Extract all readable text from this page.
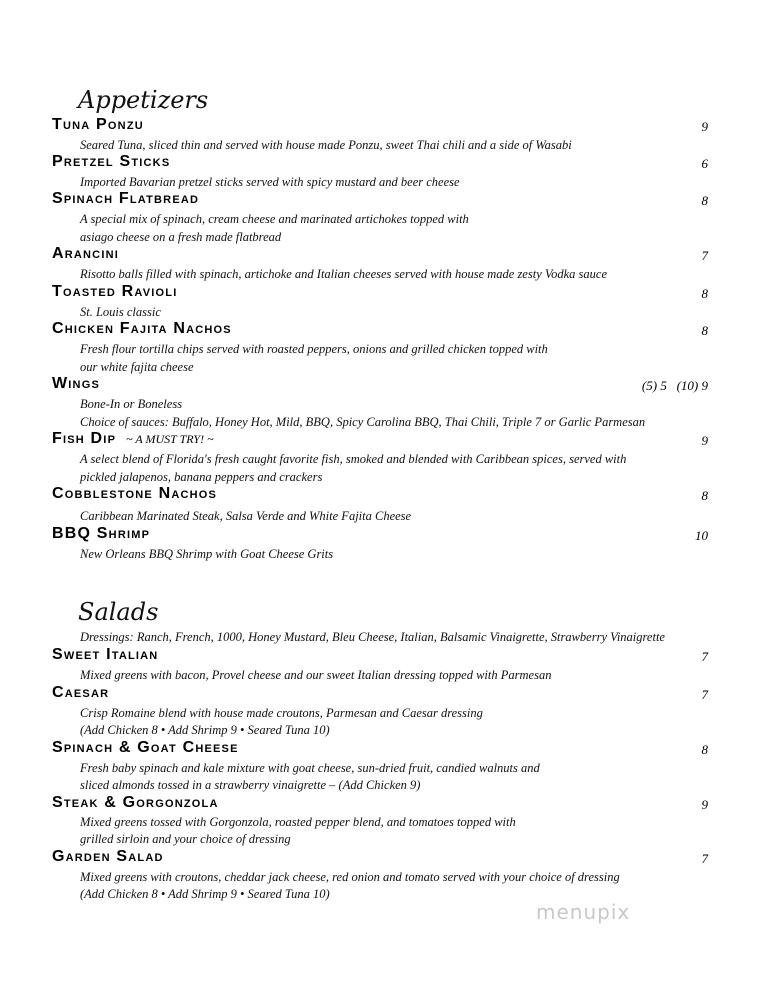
Appetizers
Tuna Ponzu	9
Seared Tuna, sliced thin and served with house made Ponzu, sweet Thai chili and a side of Wasabi
Pretzel Sticks	6
Imported Bavarian pretzel sticks served with spicy mustard and beer cheese
Spinach Flatbread	8
A special mix of spinach, cream cheese and marinated artichokes topped with
asiago cheese on a fresh made flatbread
Arancini	7
Risotto balls filled with spinach, artichoke and Italian cheeses served with house made zesty Vodka sauce
Toasted Ravioli	8
St. Louis classic
Chicken Fajita Nachos	8
Fresh flour tortilla chips served with roasted peppers, onions and grilled chicken topped with
our white fajita cheese
Wings	(5) 5   (10) 9
Bone-In or Boneless
Choice of sauces: Buffalo, Honey Hot, Mild, BBQ, Spicy Carolina BBQ, Thai Chili, Triple 7 or Garlic Parmesan
Fish Dip ~ A MUST TRY! ~	9
A select blend of Florida's fresh caught favorite fish, smoked and blended with Caribbean spices, served with
pickled jalapenos, banana peppers and crackers
Cobblestone Nachos	8
Caribbean Marinated Steak, Salsa Verde and White Fajita Cheese
BBQ Shrimp	10
New Orleans BBQ Shrimp with Goat Cheese Grits
Salads
Dressings: Ranch, French, 1000, Honey Mustard, Bleu Cheese, Italian, Balsamic Vinaigrette, Strawberry Vinaigrette
Sweet Italian	7
Mixed greens with bacon, Provel cheese and our sweet Italian dressing topped with Parmesan
Caesar	7
Crisp Romaine blend with house made croutons, Parmesan and Caesar dressing
(Add Chicken 8 • Add Shrimp 9 • Seared Tuna 10)
Spinach & Goat Cheese	8
Fresh baby spinach and kale mixture with goat cheese, sun-dried fruit, candied walnuts and
sliced almonds tossed in a strawberry vinaigrette – (Add Chicken 9)
Steak & Gorgonzola	9
Mixed greens tossed with Gorgonzola, roasted pepper blend, and tomatoes topped with
grilled sirloin and your choice of dressing
Garden Salad	7
Mixed greens with croutons, cheddar jack cheese, red onion and tomato served with your choice of dressing
(Add Chicken 8 • Add Shrimp 9 • Seared Tuna 10)
menupix
